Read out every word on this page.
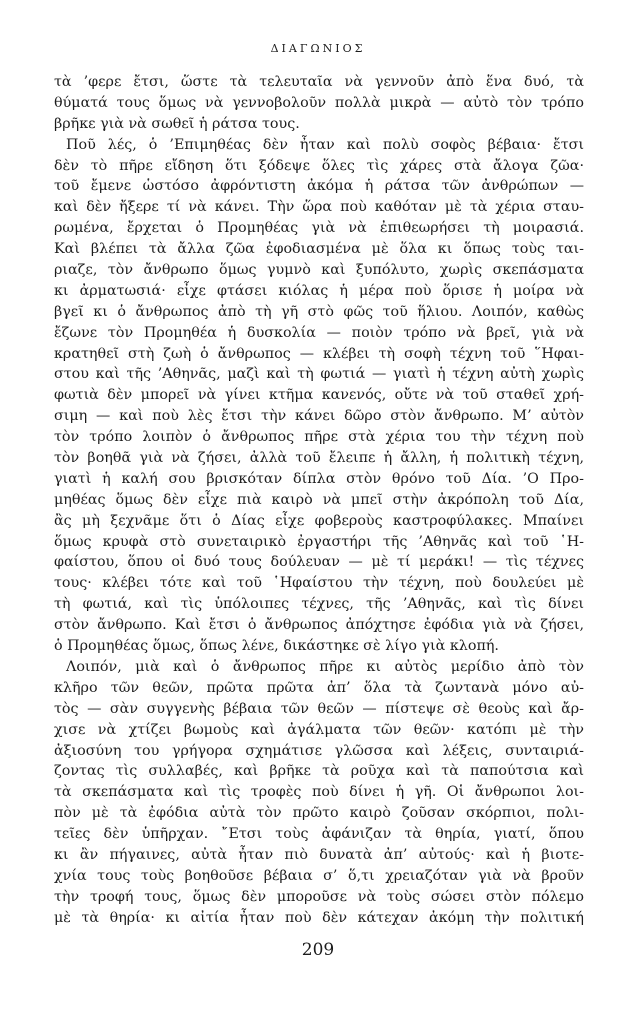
ΔΙΑΓΩΝΙΟΣ
τὰ ’φερε ἔτσι, ὥστε τὰ τελευταῖα νὰ γεννοῦν ἀπὸ ἕνα δυό, τὰ
θύματά τους ὅμως νὰ γεννοβολοῦν πολλὰ μικρὰ — αὐτὸ τὸν τρόπο
βρῆκε γιὰ νὰ σωθεῖ ἡ ράτσα τους.
Ποῦ λές, ὁ ’Επιμηθέας δὲν ἦταν καὶ πολὺ σοφὸς βέβαια· ἔτσι
δὲν τὸ πῆρε εἴδηση ὅτι ξόδεψε ὅλες τὶς χάρες στὰ ἄλογα ζῶα·
τοῦ ἔμενε ὡστόσο ἀφρόντιστη ἀκόμα ἡ ράτσα τῶν ἀνθρώπων —
καὶ δὲν ἤξερε τί νὰ κάνει. Τὴν ὥρα ποὺ καθόταν μὲ τὰ χέρια σταυ-
ρωμένα, ἔρχεται ὁ Προμηθέας γιὰ νὰ ἐπιθεωρήσει τὴ μοιρασιά.
Καὶ βλέπει τὰ ἄλλα ζῶα ἐφοδιασμένα μὲ ὅλα κι ὅπως τοὺς ται-
ριαζε, τὸν ἄνθρωπο ὅμως γυμνὸ καὶ ξυπόλυτο, χωρὶς σκεπάσματα
κι ἀρματωσιά· εἶχε φτάσει κιόλας ἡ μέρα ποὺ ὅρισε ἡ μοίρα νὰ
βγεῖ κι ὁ ἄνθρωπος ἀπὸ τὴ γῆ στὸ φῶς τοῦ ἥλιου. Λοιπόν, καθὼς
ἔζωνε τὸν Προμηθέα ἡ δυσκολία — ποιὸν τρόπο νὰ βρεῖ, γιὰ νὰ
κρατηθεῖ στὴ ζωὴ ὁ ἄνθρωπος — κλέβει τὴ σοφὴ τέχνη τοῦ ῞Ηφαι-
στου καὶ τῆς ’Αθηνᾶς, μαζὶ καὶ τὴ φωτιά — γιατὶ ἡ τέχνη αὐτὴ χωρὶς
φωτιὰ δὲν μπορεῖ νὰ γίνει κτῆμα κανενός, οὔτε νὰ τοῦ σταθεῖ χρή-
σιμη — καὶ ποὺ λὲς ἔτσι τὴν κάνει δῶρο στὸν ἄνθρωπο. Μ’ αὐτὸν
τὸν τρόπο λοιπὸν ὁ ἄνθρωπος πῆρε στὰ χέρια του τὴν τέχνη ποὺ
τὸν βοηθᾶ γιὰ νὰ ζήσει, ἀλλὰ τοῦ ἔλειπε ἡ ἄλλη, ἡ πολιτικὴ τέχνη,
γιατὶ ἡ καλή σου βρισκόταν δίπλα στὸν θρόνο τοῦ Δία. ’Ο Προ-
μηθέας ὅμως δὲν εἶχε πιὰ καιρὸ νὰ μπεῖ στὴν ἀκρόπολη τοῦ Δία,
ἂς μὴ ξεχνᾶμε ὅτι ὁ Δίας εἶχε φοβεροὺς καστροφύλακες. Μπαίνει
ὅμως κρυφὰ στὸ συνεταιρικὸ ἐργαστήρι τῆς ’Αθηνᾶς καὶ τοῦ ῾Η-
φαίστου, ὅπου οἱ δυό τους δούλευαν — μὲ τί μεράκι! — τὶς τέχνες
τους· κλέβει τότε καὶ τοῦ ῾Ηφαίστου τὴν τέχνη, ποὺ δουλεύει μὲ
τὴ φωτιά, καὶ τὶς ὑπόλοιπες τέχνες, τῆς ’Αθηνᾶς, καὶ τὶς δίνει
στὸν ἄνθρωπο. Καὶ ἔτσι ὁ ἄνθρωπος ἀπόχτησε ἐφόδια γιὰ νὰ ζήσει,
ὁ Προμηθέας ὅμως, ὅπως λένε, δικάστηκε σὲ λίγο γιὰ κλοπή.
Λοιπόν, μιὰ καὶ ὁ ἄνθρωπος πῆρε κι αὐτὸς μερίδιο ἀπὸ τὸν
κλῆρο τῶν θεῶν, πρῶτα πρῶτα ἀπ’ ὅλα τὰ ζωντανὰ μόνο αὐ-
τὸς — σὰν συγγενὴς βέβαια τῶν θεῶν — πίστεψε σὲ θεοὺς καὶ ἄρ-
χισε νὰ χτίζει βωμοὺς καὶ ἀγάλματα τῶν θεῶν· κατόπι μὲ τὴν
ἀξιοσύνη του γρήγορα σχημάτισε γλῶσσα καὶ λέξεις, συνταιριά-
ζοντας τὶς συλλαβές, καὶ βρῆκε τὰ ροῦχα καὶ τὰ παπούτσια καὶ
τὰ σκεπάσματα καὶ τὶς τροφὲς ποὺ δίνει ἡ γῆ. Οἱ ἄνθρωποι λοι-
πὸν μὲ τὰ ἐφόδια αὐτὰ τὸν πρῶτο καιρὸ ζοῦσαν σκόρπιοι, πολι-
τεῖες δὲν ὑπῆρχαν. ῎Ετσι τοὺς ἀφάνιζαν τὰ θηρία, γιατί, ὅπου
κι ἂν πήγαινες, αὐτὰ ἦταν πιὸ δυνατὰ ἀπ’ αὐτούς· καὶ ἡ βιοτε-
χνία τους τοὺς βοηθοῦσε βέβαια σ’ ὅ,τι χρειαζόταν γιὰ νὰ βροῦν
τὴν τροφή τους, ὅμως δὲν μποροῦσε νὰ τοὺς σώσει στὸν πόλεμο
μὲ τὰ θηρία· κι αἰτία ἦταν ποὺ δὲν κάτεχαν ἀκόμη τὴν πολιτική
209
